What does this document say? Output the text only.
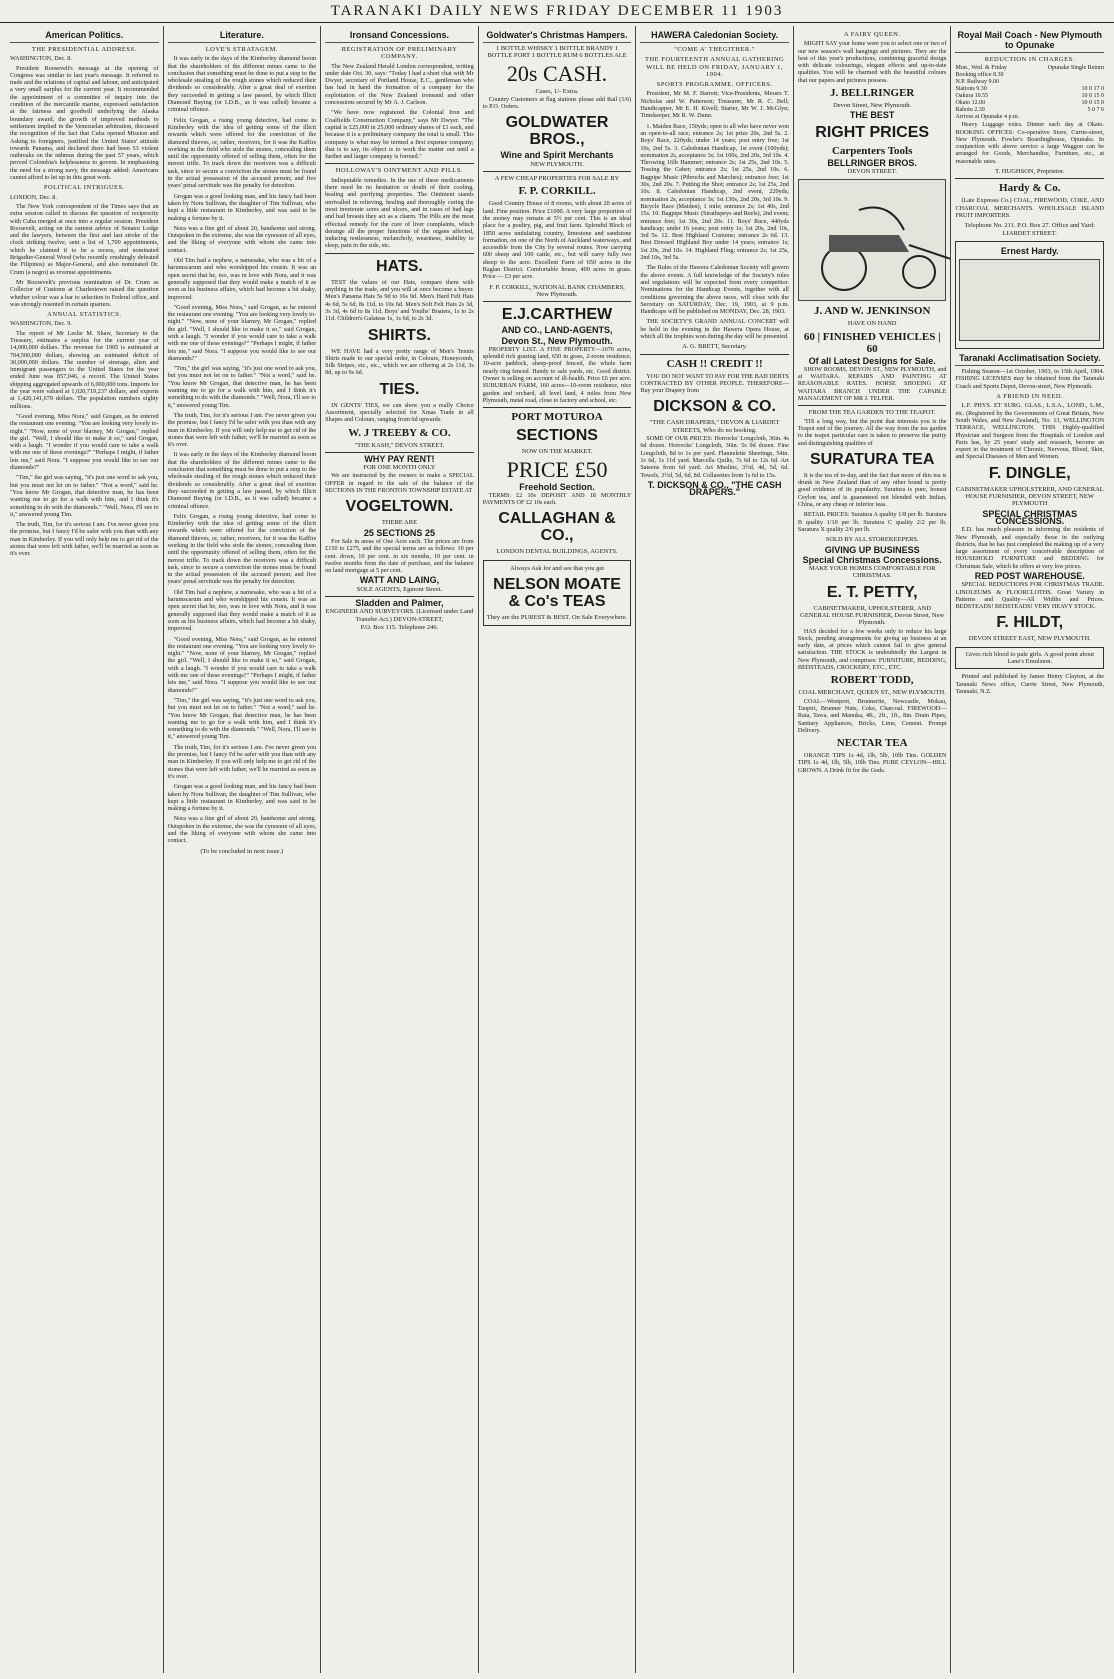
TARANAKI DAILY NEWS FRIDAY DECEMBER 11 1903
American Politics.
THE PRESIDENTIAL ADDRESS.
WASHINGTON, Dec. 8.

President Roosevelt's message at the opening of Congress was similar to last year's message. It referred to trade and the relations of capital and labour, and anticipated a very small surplus for the current year. It recommended the appointment of a committee of inquiry into the condition of the mercantile marine, expressed satisfaction at the fairness and goodwill underlying the Alaska boundary award, the growth of improved methods to settlement implied in the Venezuelan arbitration, discussed the recognition of the fact that Cuba opened Mission and Asking to foreigners, justified the United States' attitude towards Panama, and declared there had been 53 violent outbreaks on the isthmus during the past 57 years, which proved Colombia's helplessness to govern. In emphasising the need for a strong navy, the message added: Americans cannot afford to let up in this great work.

POLITICAL INTRIGUES.
LONDON, Dec. 8.

The New York correspondent of the Times says that an extra session called to discuss the question of reciprocity with Cuba merged at once into a regular session. President Roosevelt, acting on the earnest advice of Senator Lodge and the lawyers, between the first and last stroke of the clock striking twelve, sent a list of 1,700 appointments, which he claimed it to be a recess, and nominated Brigadier-General Wood (who recently crushingly defeated the Filipinos) as Major-General, and also nominated Dr. Crum (a negro) as revenue appointments.

Mr Roosevelt's previous nomination of Dr. Crum as Collector of Customs at Charlestown raised the question whether colour was a bar to selection to Federal office, and was strongly resented in certain quarters.

ANNUAL STATISTICS.
WASHINGTON, Dec. 9.

The report of Mr Leslie M. Shaw, Secretary to the Treasury, estimates a surplus for the current year of 14,000,000 dollars. The revenue for 1905 is estimated at 704,500,000 dollars, showing an estimated deficit of 30,000,000 dollars. The number of steerage, alien and immigrant passengers to the United States for the year ended June was 857,046, a record. The United States shipping aggregated upwards of 6,000,000 tons. Imports for the year were valued at 1,020,719,237 dollars, and exports at 1,420,141,679 dollars. The population numbers eighty millions.

"Good evening, Miss Nora," said Grogan, as he entered the restaurant one evening. "You are looking very lovely to-night." "Now, none of your blarney, Mr Grogan," replied the girl. "Well, I should like to make it so," said Grogan, with a laugh. "I wonder if you would care to take a walk with me one of these evenings?" "Perhaps I might, if father lets me," said Nora. "I suppose you would like to see our diamonds?"

"Tim," the girl was saying, "it's just one word to ask you, but you must not let on to father." "Not a word," said he. "You know Mr Grogan, that detective man, he has been wanting me to go for a walk with him, and I think it's something to do with the diamonds." "Well, Nora, I'll see to it," answered young Tim.

The truth, Tim, for it's serious I am. I've never given you the promise, but I fancy I'd be safer with you than with any man in Kimberley. If you will only help me to get rid of the stones that were left with father, we'll be married as soon as it's over.

Literature.
LOVE'S STRATAGEM.

It was early in the days of the Kimberley diamond boom that the shareholders of the different mines came to the conclusion that something must be done to put a stop to the wholesale stealing of the rough stones which reduced their dividends so considerably. After a great deal of exertion they succeeded in getting a law passed, by which Illicit Diamond Buying (or I.D.B., as it was called) became a criminal offence.

Felix Grogan, a rising young detective, had come to Kimberley with the idea of getting some of the illicit rewards which were offered for the conviction of the diamond thieves, or, rather, receivers, for it was the Kaffirs working in the field who stole the stones, concealing them until the opportunity offered of selling them, often for the merest trifle. To track down the receivers was a difficult task, since to secure a conviction the stones must be found in the actual possession of the accused person; and five years' penal servitude was the penalty for detection.

Grogan was a good looking man, and his fancy had been taken by Nora Sullivan, the daughter of Tim Sullivan, who kept a little restaurant in Kimberley, and was said to be making a fortune by it.

Nora was a fine girl of about 20, handsome and strong. Outspoken in the extreme, she was the cynosure of all eyes, and the liking of everyone with whom she came into contact.

Old Tim had a nephew, a namesake, who was a bit of a harumscarum and who worshipped his cousin. It was an open secret that he, too, was in love with Nora, and it was generally supposed that they would make a match of it as soon as his business affairs, which had become a bit shaky, improved.

"Good evening, Miss Nora," said Grogan, as he entered the restaurant one evening. "You are looking very lovely to-night." "Now, none of your blarney, Mr Grogan," replied the girl. "Well, I should like to make it so," said Grogan, with a laugh. "I wonder if you would care to take a walk with me one of these evenings?" "Perhaps I might, if father lets me," said Nora. "I suppose you would like to see our diamonds?"

"Tim," the girl was saying, "it's just one word to ask you, but you must not let on to father." "Not a word," said he. "You know Mr Grogan, that detective man, he has been wanting me to go for a walk with him, and I think it's something to do with the diamonds." "Well, Nora, I'll see to it," answered young Tim.

The truth, Tim, for it's serious I am. I've never given you the promise, but I fancy I'd be safer with you than with any man in Kimberley. If you will only help me to get rid of the stones that were left with father, we'll be married as soon as it's over.

It was early in the days of the Kimberley diamond boom that the shareholders of the different mines came to the conclusion that something must be done to put a stop to the wholesale stealing of the rough stones which reduced their dividends so considerably. After a great deal of exertion they succeeded in getting a law passed, by which Illicit Diamond Buying (or I.D.B., as it was called) became a criminal offence.

Felix Grogan, a rising young detective, had come to Kimberley with the idea of getting some of the illicit rewards which were offered for the conviction of the diamond thieves, or, rather, receivers, for it was the Kaffirs working in the field who stole the stones, concealing them until the opportunity offered of selling them, often for the merest trifle. To track down the receivers was a difficult task, since to secure a conviction the stones must be found in the actual possession of the accused person; and five years' penal servitude was the penalty for detection.

Old Tim had a nephew, a namesake, who was a bit of a harumscarum and who worshipped his cousin. It was an open secret that he, too, was in love with Nora, and it was generally supposed that they would make a match of it as soon as his business affairs, which had become a bit shaky, improved.

"Good evening, Miss Nora," said Grogan, as he entered the restaurant one evening. "You are looking very lovely to-night." "Now, none of your blarney, Mr Grogan," replied the girl. "Well, I should like to make it so," said Grogan, with a laugh. "I wonder if you would care to take a walk with me one of these evenings?" "Perhaps I might, if father lets me," said Nora. "I suppose you would like to see our diamonds?"

"Tim," the girl was saying, "it's just one word to ask you, but you must not let on to father." "Not a word," said he. "You know Mr Grogan, that detective man, he has been wanting me to go for a walk with him, and I think it's something to do with the diamonds." "Well, Nora, I'll see to it," answered young Tim.

The truth, Tim, for it's serious I am. I've never given you the promise, but I fancy I'd be safer with you than with any man in Kimberley. If you will only help me to get rid of the stones that were left with father, we'll be married as soon as it's over.

Grogan was a good looking man, and his fancy had been taken by Nora Sullivan, the daughter of Tim Sullivan, who kept a little restaurant in Kimberley, and was said to be making a fortune by it.

Nora was a fine girl of about 20, handsome and strong. Outspoken in the extreme, she was the cynosure of all eyes, and the liking of everyone with whom she came into contact.

(To be concluded in next issue.)
Ironsand Concessions.
REGISTRATION OF PRELIMINARY COMPANY.

The New Zealand Herald London correspondent, writing under date Oct. 30, says: "Today I had a short chat with Mr Dwyer, secretary of Portland House, E.C., gentleman who has had in hand the formation of a company for the exploitation of the New Zealand ironsand and other concessions secured by Mr A. J. Carlson.

"We have now registered the Colonial Iron and Coalfields Construction Company," says Mr Dwyer. "The capital is £25,000 in 25,000 ordinary shares of £1 each, and because it is a preliminary company the total is small. This company is what may be termed a first expense company; that is to say, its object is to work the matter out until a further and larger company is formed."

HOLLOWAY'S OINTMENT AND PILLS.

Indisputable remedies. In the use of these medicaments there need be no hesitation or doubt of their cooling, healing and purifying properties. The Ointment stands unrivalled in relieving, healing and thoroughly curing the most inveterate sores and ulcers, and in cases of bad legs and bad breasts they act as a charm. The Pills are the most effectual remedy for the cure of liver complaints, which derange all the proper functions of the organs affected, inducing restlessness, melancholy, weariness, inability to sleep, pain in the side, etc.

HATS.

TEST the values of our Hats, compare them with anything in the trade, and you will at once become a buyer. Men's Panama Hats 5s 9d to 16s 9d. Men's Hard Felt Hats 4s 6d, 5s 6d, 8s 11d, to 10s 6d. Men's Soft Felt Hats 2s 3d, 3s 3d, 4s 6d to 8s 11d. Boys' and Youths' Boaters, 1s to 2s 11d. Children's Galateas 1s, 1s 6d, to 2s 3d.

SHIRTS.

WE HAVE had a very pretty range of Men's Tennis Shirts made to our special order, in Colours, Honeycomb, Silk Stripes, etc., etc., which we are offering at 2s 11d, 3s 9d, up to 9s 6d.

TIES.

IN GENTS' TIES, we can show you a really Choice Assortment, specially selected for Xmas Trade in all Shapes and Colours, ranging from 6d upwards.

W. J TREEBY & CO.
"THE KASH," DEVON STREET.
WHY PAY RENT!
FOR ONE MONTH ONLY

We are instructed by the owners to make a SPECIAL OFFER in regard to the sale of the balance of the SECTIONS IN THE FRONTON TOWNSHIP ESTATE AT

VOGELTOWN.
THERE ARE
25 SECTIONS 25

For Sale in areas of One Acre each. The prices are from £150 to £275, and the special terms are as follows: 10 per cent. down, 10 per cent. in six months, 10 per cent. in twelve months from the date of purchase, and the balance on land mortgage at 5 per cent.

WATT AND LAING,
SOLE AGENTS, Egmont Street.
Sladden and Palmer,
ENGINEER AND SURVEYORS. (Licensed under Land Transfer Act.) DEVON-STREET,
P.O. Box 115. Telephone 246.
Goldwater's Christmas Hampers.
1 BOTTLE WHISKY 1 BOTTLE BRANDY 1 BOTTLE PORT 1 BOTTLE RUM 6 BOTTLES ALE
20s CASH.
Cases, 1/- Extra.

Country Customers at flag stations please add Rail (1/6) to P.O. Orders.

GOLDWATER BROS.,
Wine and Spirit Merchants
NEW PLYMOUTH.
A FEW CHEAP PROPERTIES FOR SALE BY
F. P. CORKILL.

Good Country House of 8 rooms, with about 20 acres of land. Fine position. Price £1000. A very large proportion of the money may remain at 5½ per cent. This is an ideal place for a poultry, pig, and fruit farm. Splendid Block of 1850 acres undulating country, limestone and sandstone formation, on one of the North of Auckland waterways, and accessible from the City by several routes. Now carrying 600 sheep and 100 cattle, etc., but will carry fully two sheep to the acre. Excellent Farm of 650 acres in the Raglan District. Comfortable house, 400 acres in grass. Price — £3 per acre.

F. P. CORKILL, NATIONAL BANK CHAMBERS, New Plymouth.
E.J.CARTHEW
AND CO., LAND-AGENTS,
Devon St., New Plymouth.

PROPERTY LIST. A FINE PROPERTY—1070 acres, splendid rich grazing land, 650 in grass, 2-room residence, 10-acre paddock, sheep-proof fenced, the whole farm nearly ring fenced. Handy to sale yards, etc. Good district. Owner is selling on account of ill-health. Price £6 per acre. SUBURBAN FARM, 160 acres—10-room residence, nice garden and orchard, all level land, 4 miles from New Plymouth, metal road, close to factory and school, etc.

PORT MOTUROA
SECTIONS
NOW ON THE MARKET.
PRICE £50
Freehold Section.

TERMS: £2 10s DEPOSIT AND 18 MONTHLY PAYMENTS OF £2 10s each.

CALLAGHAN & CO.,
LONDON DENTAL BUILDINGS, AGENTS.
Always Ask for and see that you get
NELSON MOATE & Co's TEAS
They are the PUREST & BEST. On Sale Everywhere.
HAWERA Caledonian Society.
"COME A' THEGITHER."
THE FOURTEENTH ANNUAL GATHERING WILL BE HELD ON FRIDAY, JANUARY 1, 1904.
SPORTS PROGRAMME. OFFICERS.

President, Mr M. F. Barrett; Vice-Presidents, Messrs T. Nicholas and W. Patterson; Treasurer, Mr R. C. Bell; Handicapper, Mr E. H. Kivell; Starter, Mr W. J. McGlyn; Timekeeper, Mr R. W. Dunn.

1. Maiden Race, 150yds; open to all who have never won an open-to-all race; entrance 2s; 1st prize 20s, 2nd 5s. 2. Boys' Race, 220yds; under 14 years; post entry free; 1st 10s, 2nd 5s. 3. Caledonian Handicap, 1st event (100yds); nomination 2s, acceptance 3s; 1st 100s, 2nd 20s, 3rd 10s. 4. Throwing 16lb Hammer; entrance 2s; 1st 25s, 2nd 10s. 5. Tossing the Caber; entrance 2s; 1st 25s, 2nd 10s. 6. Bagpipe Music (Pibrochs and Marches); entrance free; 1st 30s, 2nd 20s. 7. Putting the Shot; entrance 2s; 1st 25s, 2nd 10s. 8. Caledonian Handicap, 2nd event, 220yds; nomination 2s, acceptance 3s; 1st 130s, 2nd 20s, 3rd 10s. 9. Bicycle Race (Maiden), 1 mile; entrance 2s; 1st 40s, 2nd 15s. 10. Bagpipe Music (Strathspeys and Reels), 2nd event; entrance free; 1st 30s, 2nd 20s. 11. Boys' Race, 440yds handicap; under 16 years; post entry 1s; 1st 20s, 2nd 10s, 3rd 5s. 12. Best Highland Costume; entrance 2s 6d. 13. Best Dressed Highland Boy under 14 years; entrance 1s; 1st 20s, 2nd 10s. 14. Highland Fling; entrance 2s; 1st 25s, 2nd 10s, 3rd 5s.

The Rules of the Hawera Caledonian Society will govern the above events. A full knowledge of the Society's rules and regulations will be expected from every competitor. Nominations for the Handicap Events, together with all conditions governing the above races, will close with the Secretary on SATURDAY, Dec. 19, 1903, at 9 p.m. Handicaps will be published on MONDAY, Dec. 28, 1903.

THE SOCIETY'S GRAND ANNUAL CONCERT will be held in the evening in the Hawera Opera House, at which all the trophies won during the day will be presented.

A. G. BRETT, Secretary.
CASH !! CREDIT !!

YOU DO NOT WANT TO PAY FOR THE BAD DEBTS CONTRACTED BY OTHER PEOPLE. THEREFORE— Buy your Drapery from

DICKSON & CO.
"THE CASH DRAPERS," DEVON & LIARDET STREETS, Who do no booking.

SOME OF OUR PRICES: Horrocks' Longcloth, 36in. 4s 6d dozen. Horrocks' Longcloth, 36in. 5s 9d dozen. Fine Longcloth, 8d to 1s per yard. Flannelette Sheetings, 54in. 1s 6d, 1s 11d yard. Marcella Quilts, 7s 6d to 12s 6d. Art Sateens from 6d yard. Art Muslins, 3½d, 4d, 5d, 6d. Towels, 3½d, 5d, 6d, 8d. Collarettes from 1s 6d to 15s.

T. DICKSON & CO., "THE CASH DRAPERS."
A FAIRY QUEEN.

MIGHT SAY your home were you to select one or two of our new season's wall hangings and pictures. They are the best of this year's productions, combining graceful design with delicate colourings, elegant effects and up-to-date qualities. You will be charmed with the beautiful colours that our papers and pictures possess.

J. BELLRINGER
Devon Street, New Plymouth.
THE BEST
RIGHT PRICES
Carpenters Tools
BELLRINGER BROS.
DEVON STREET.
J. AND W. JENKINSON
HAVE ON HAND
60 | FINISHED VEHICLES | 60
Of all Latest Designs for Sale.

SHOW ROOMS, DEVON ST., NEW PLYMOUTH, and at WAITARA. REPAIRS AND PAINTING AT REASONABLE RATES. HORSE SHOEING AT WAITARA BRANCH UNDER THE CAPABLE MANAGEMENT OF MR J. TELFER.

FROM THE TEA GARDEN TO THE TEAPOT.

'TIS a long way, but the point that interests you is the Teapot end of the journey. All the way from the tea garden to the teapot particular care is taken to preserve the purity and distinguishing qualities of

SURATURA TEA

It is the tea of to-day, and the fact that more of this tea is drunk in New Zealand than of any other brand is pretty good evidence of its popularity. Suratura is pure, honest Ceylon tea, and is guaranteed not blended with Indian, China, or any cheap or inferior teas.

RETAIL PRICES: Suratura A quality 1/8 per lb. Suratura B quality 1/10 per lb. Suratura C quality 2/2 per lb. Suratura X quality 2/6 per lb.

SOLD BY ALL STOREKEEPERS.
GIVING UP BUSINESS
Special Christmas Concessions.
MAKE YOUR HOMES COMFORTABLE FOR CHRISTMAS.
E. T. PETTY,
CABINETMAKER, UPHOLSTERER, AND GENERAL HOUSE FURNISHER, Devon Street, New Plymouth.

HAS decided for a few weeks only to reduce his large Stock, pending arrangements for giving up business at an early date, at prices which cannot fail to give general satisfaction. THE STOCK is undoubtedly the Largest in New Plymouth, and comprises: FURNITURE, BEDDING, BEDSTEADS, CROCKERY, ETC., ETC.

ROBERT TODD,
COAL MERCHANT, QUEEN ST., NEW PLYMOUTH.

COAL—Westport, Brunnerite, Newcastle, Mokau, Taupiri, Brunner Nuts, Coke, Charcoal. FIREWOOD—Rata, Tawa, and Manuka, 4ft., 2ft., 1ft., 8in. Drain Pipes, Sanitary Appliances, Bricks, Lime, Cement. Prompt Delivery.

NECTAR TEA

ORANGE TIPS 1s 4d, 1lb, 5lb, 10lb Tins. GOLDEN TIPS 1s 4d, 1lb, 5lb, 10lb Tins. PURE CEYLON—HILL GROWN. A Drink fit for the Gods.

Royal Mail Coach - New Plymouth to Opunake
REDUCTION IN CHARGES.
Mon., Wed. & Friday	Opunake Single Return
Booking office 8.30
N.P. Railway 9.00
Stations 9.30	10 0 17 0
Oakura 10.55	10 0 15 0
Okato 12.00	10 0 15 0
Rahotu 2.30	5 0 7 6
Arrives at Opunake 4 p.m.

Heavy Luggage extra. Dinner each day at Okato. BOOKING OFFICES: Co-operative Store, Currie-street, New Plymouth. Fowler's Boardinghouse, Opunake. In conjunction with above service a large Waggon can be arranged for Goods, Merchandise, Furniture, etc., at reasonable rates.

T. HUGHSON, Proprietor.
Hardy & Co.

(Late Expresss Co.) COAL, FIREWOOD, COKE, AND CHARCOAL MERCHANTS. WHOLESALE ISLAND FRUIT IMPORTERS.

Telephone No. 211. P.O. Box 27. Office and Yard: LIARDET STREET.
Ernest Hardy.
Taranaki Acclimatisation Society.

Fishing Season—1st October, 1903, to 15th April, 1904. FISHING LICENSES may be obtained from the Taranaki Coach and Sports Depot, Devon-street, New Plymouth.

A FRIEND IN NEED.

L.F. PHYS. ET SURG. GLAS., L.S.A., LOND., L.M., etc. (Registered by the Governments of Great Britain, New South Wales, and New Zealand), No. 13, WELLINGTON TERRACE, WELLINGTON. THIS Highly-qualified Physician and Surgeon from the Hospitals of London and Paris has, by 25 years' study and research, become an expert in the treatment of Chronic, Nervous, Blood, Skin, and Special Diseases of Men and Women.

F. DINGLE,
CABINETMAKER UPHOLSTERER, AND GENERAL HOUSE FURNISHER, DEVON STREET, NEW PLYMOUTH
SPECIAL CHRISTMAS CONCESSIONS.

E.D. has much pleasure in informing the residents of New Plymouth, and especially those in the outlying districts, that he has just completed the making up of a very large assortment of every conceivable description of HOUSEHOLD FURNITURE and BEDDING for Christmas Sale, which he offers at very low prices.

RED POST WAREHOUSE.

SPECIAL REDUCTIONS FOR CHRISTMAS TRADE. LINOLEUMS & FLOORCLOTHS. Great Variety in Patterns and Quality—All Widths and Prices. BEDSTEADS! BEDSTEADS! VERY HEAVY STOCK.

F. HILDT,
DEVON STREET EAST, NEW PLYMOUTH.
Gives rich blood to pale girls. A good point about Lane's Emulsion.

Printed and published by James Henry Clayton, at the Taranaki News office, Currie Street, New Plymouth, Taranaki, N.Z.
